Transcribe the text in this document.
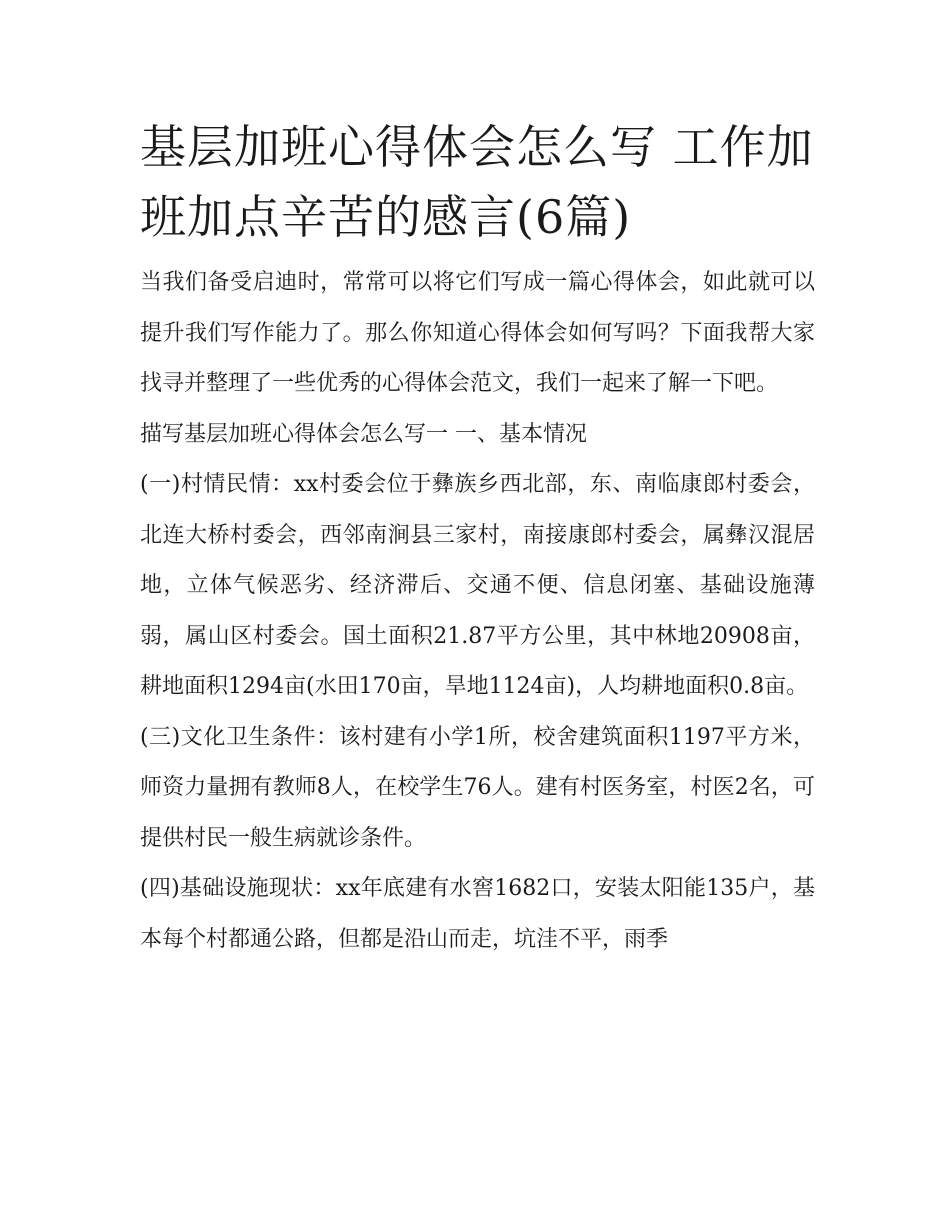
基层加班心得体会怎么写 工作加班加点辛苦的感言(6篇)

当我们备受启迪时，常常可以将它们写成一篇心得体会，如此就可以提升我们写作能力了。那么你知道心得体会如何写吗？下面我帮大家找寻并整理了一些优秀的心得体会范文，我们一起来了解一下吧。

描写基层加班心得体会怎么写一 一、基本情况

(一)村情民情：xx村委会位于彝族乡西北部，东、南临康郎村委会，北连大桥村委会，西邻南涧县三家村，南接康郎村委会，属彝汉混居地，立体气候恶劣、经济滞后、交通不便、信息闭塞、基础设施薄弱，属山区村委会。国土面积21.87平方公里，其中林地20908亩，耕地面积1294亩(水田170亩，旱地1124亩)，人均耕地面积0.8亩。

(三)文化卫生条件：该村建有小学1所，校舍建筑面积1197平方米，师资力量拥有教师8人，在校学生76人。建有村医务室，村医2名，可提供村民一般生病就诊条件。

(四)基础设施现状：xx年底建有水窖1682口，安装太阳能135户，基本每个村都通公路，但都是沿山而走，坑洼不平，雨季
